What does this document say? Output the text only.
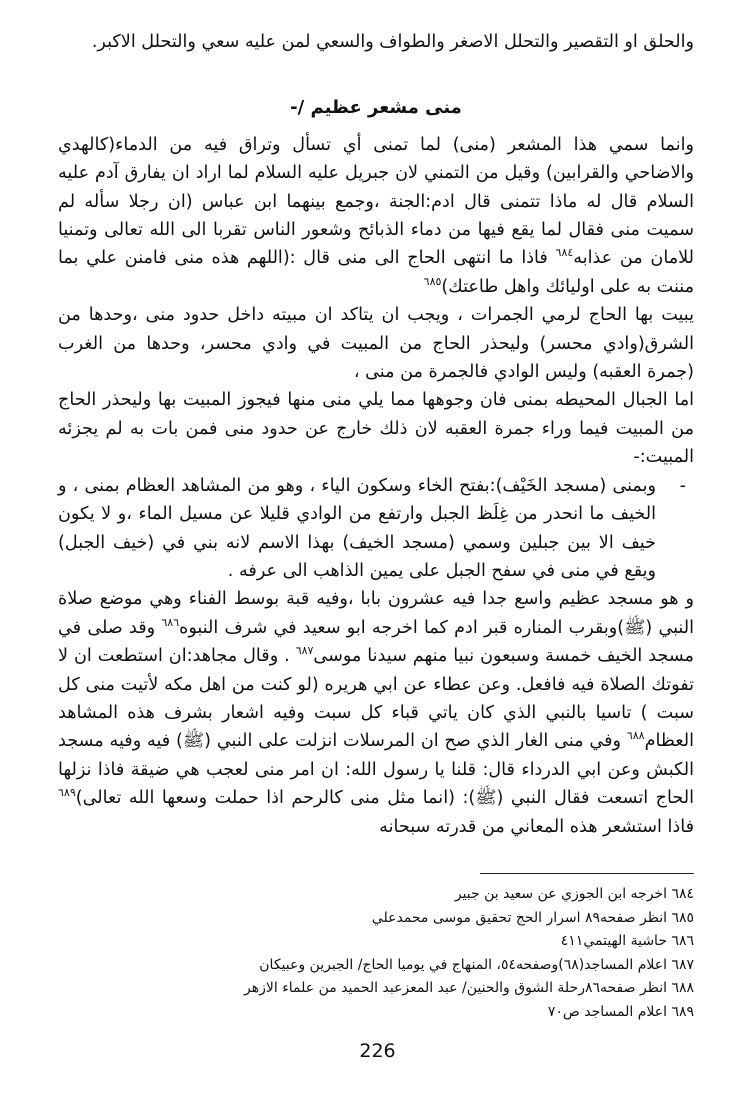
والحلق او التقصير والتحلل الاصغر والطواف والسعي لمن عليه سعي والتحلل الاكبر.

منى مشعر عظيم /-

وانما سمي هذا المشعر (منى) لما تمنى أي تسأل وتراق فيه من الدماء(كالهدي والاضاحي والقرابين) وقيل من التمني لان جبريل عليه السلام لما اراد ان يفارق آدم عليه السلام قال له ماذا تتمنى قال ادم:الجنة ،وجمع بينهما ابن عباس (ان رجلا سأله لم سميت منى فقال لما يقع فيها من دماء الذبائح وشعور الناس تقربا الى الله تعالى وتمنيا للامان من عذابه$^{٦٨٤}$ فاذا ما انتهى الحاج الى منى قال :(اللهم هذه منى فامنن علي بما مننت به على اوليائك واهل طاعتك)$^{٦٨٥}$

يبيت بها الحاج لرمي الجمرات ، ويجب ان يتاكد ان مبيته داخل حدود منى ،وحدها من الشرق(وادي محسر) وليحذر الحاج من المبيت في وادي محسر، وحدها من الغرب (جمرة العقبه) وليس الوادي فالجمرة من منى ،

اما الجبال المحيطه بمنى فان وجوهها مما يلي منى منها فيجوز المبيت بها وليحذر الحاج من المبيت فيما وراء جمرة العقبه لان ذلك خارج عن حدود منى فمن بات به لم يجزئه المبيت:-

- وبمنى (مسجد الخَيْف):بفتح الخاء وسكون الياء ، وهو من المشاهد العظام بمنى ، و الخيف ما انحدر من غِلَظ الجبل وارتفع من الوادي قليلا عن مسيل الماء ،و لا يكون خيف الا بين جبلين وسمي (مسجد الخيف) بهذا الاسم لانه بني في (خيف الجبل) ويقع في منى في سفح الجبل على يمين الذاهب الى عرفه .

و هو مسجد عظيم واسع جدا فيه عشرون بابا ،وفيه قبة بوسط الفناء وهي موضع صلاة النبي (ﷺ)وبقرب المناره قبر ادم كما اخرجه ابو سعيد في شرف النبوه$^{٦٨٦}$ وقد صلى في مسجد الخيف خمسة وسبعون نبيا منهم سيدنا موسى$^{٦٨٧}$ . وقال مجاهد:ان استطعت ان لا تفوتك الصلاة فيه فافعل. وعن عطاء عن ابي هريره (لو كنت من اهل مكه لأتيت منى كل سبت ) تاسيا بالنبي الذي كان ياتي قباء كل سبت وفيه اشعار بشرف هذه المشاهد العظام$^{٦٨٨}$ وفي منى الغار الذي صح ان المرسلات انزلت على النبي (ﷺ) فيه وفيه مسجد الكبش وعن ابي الدرداء قال: قلنا يا رسول الله: ان امر منى لعجب هي ضيقة فاذا نزلها الحاج اتسعت فقال النبي (ﷺ): (انما مثل منى كالرحم اذا حملت وسعها الله تعالى)$^{٦٨٩}$ فاذا استشعر هذه المعاني من قدرته سبحانه

٦٨٤ اخرجه ابن الجوزي عن سعيد بن جبير
٦٨٥ انظر صفحه٨٩ اسرار الحج تحقيق موسى محمدعلي
٦٨٦ حاشية الهيتمي٤١١
٦٨٧ اعلام المساجد(٦٨)وصفحه٥٤، المنهاج في يوميا الحاج/ الجبرين وعبيكان
٦٨٨ انظر صفحه٨٦رحلة الشوق والحنين/ عبد المعزعبد الحميد من علماء الازهر
٦٨٩ اعلام المساجد ص٧٠
226
